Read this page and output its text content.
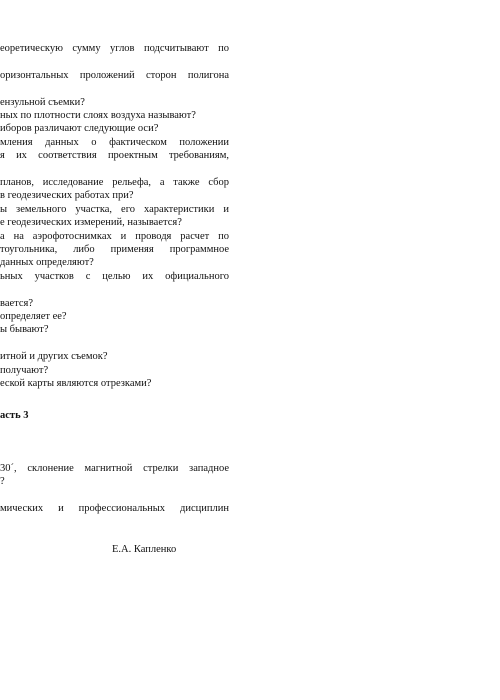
еоретическую сумму углов подсчитывают по
оризонтальных проложений сторон полигона
ензульной съемки?
ных по плотности слоях воздуха называют?
иборов различают следующие оси?
мления данных о фактическом положении
я их соответствия проектным требованиям,
планов, исследование рельефа, а также сбор
в геодезических работах при?
ы земельного участка, его характеристики и
е геодезических измерений, называется?
а на аэрофотоснимках и проводя расчет по
тоугольника, либо применяя программное
данных определяют?
ьных участков с целью их официального
вается?
определяет ее?
ы бывают?
итной и других съемок?
получают?
еской карты являются отрезками?
асть 3
30´, склонение магнитной стрелки западное
?
мических и профессиональных дисциплин
Е.А. Капленко
